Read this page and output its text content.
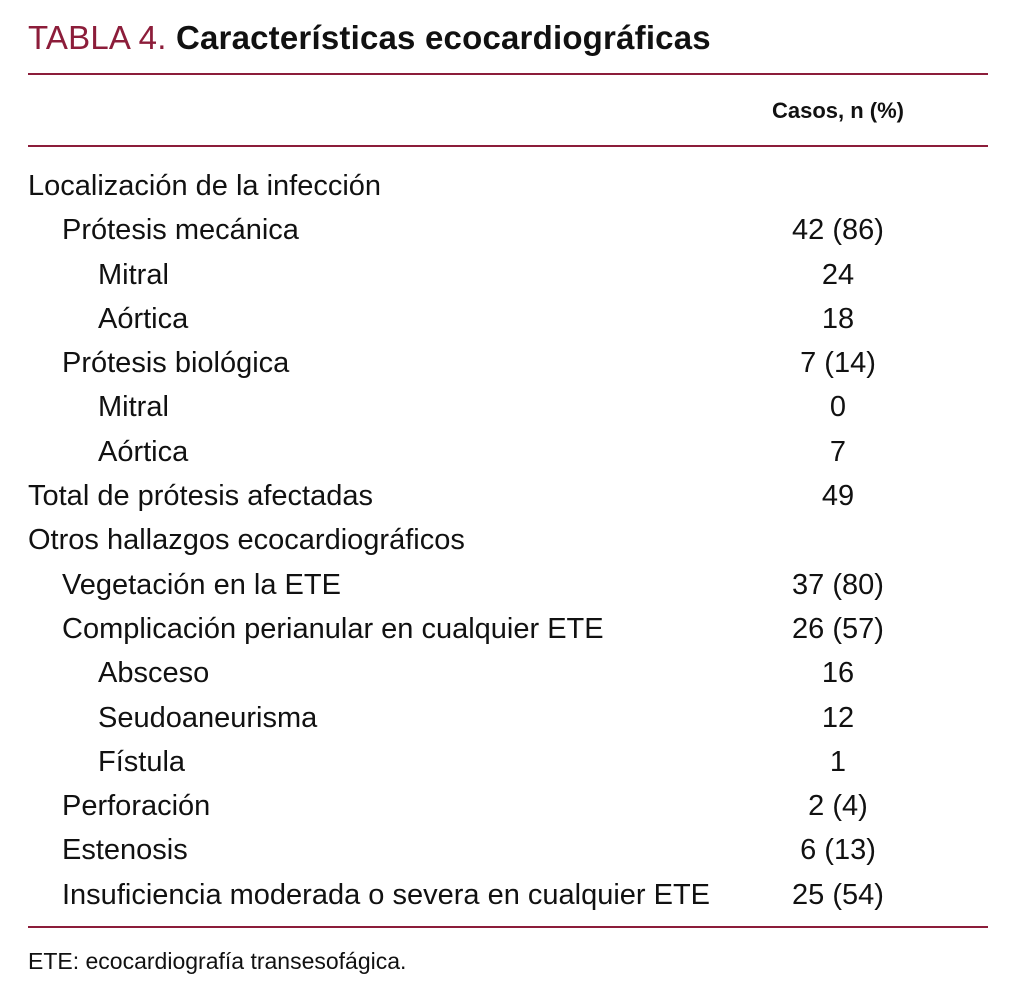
TABLA 4. Características ecocardiográficas
Casos, n (%)
Localización de la infección
Prótesis mecánica	42 (86)
Mitral	24
Aórtica	18
Prótesis biológica	7 (14)
Mitral	0
Aórtica	7
Total de prótesis afectadas	49
Otros hallazgos ecocardiográficos
Vegetación en la ETE	37 (80)
Complicación perianular en cualquier ETE	26 (57)
Absceso	16
Seudoaneurisma	12
Fístula	1
Perforación	2 (4)
Estenosis	6 (13)
Insuficiencia moderada o severa en cualquier ETE	25 (54)
ETE: ecocardiografía transesofágica.
